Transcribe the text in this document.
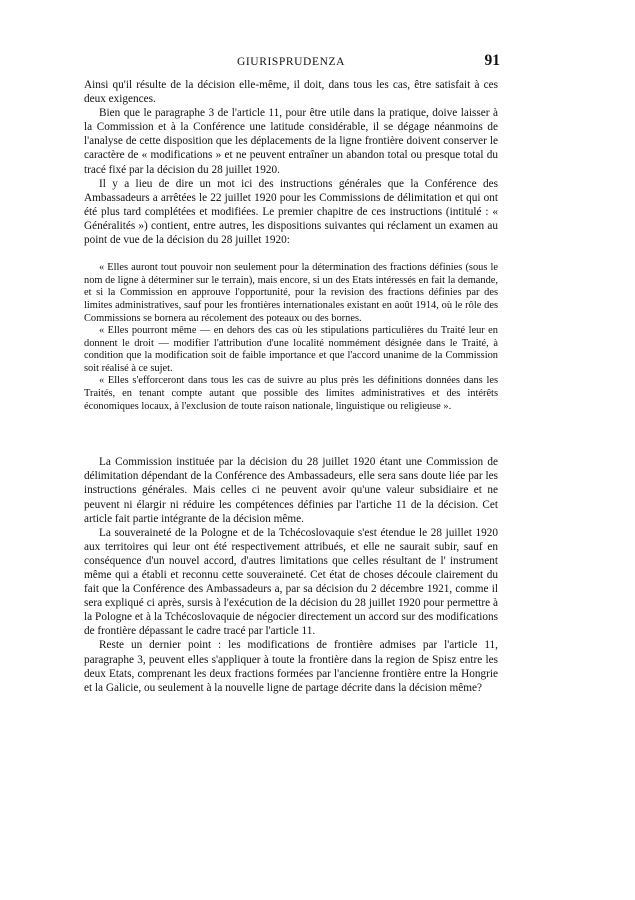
GIURISPRUDENZA	91

Ainsi qu'il résulte de la décision elle-même, il doit, dans tous les cas, être satisfait à ces deux exigences.

Bien que le paragraphe 3 de l'article 11, pour être utile dans la pratique, doive laisser à la Commission et à la Conférence une latitude considérable, il se dégage néanmoins de l'analyse de cette disposition que les déplacements de la ligne frontière doivent conserver le caractère de « modifications » et ne peuvent entraîner un abandon total ou presque total du tracé fixé par la décision du 28 juillet 1920.

Il y a lieu de dire un mot ici des instructions générales que la Conférence des Ambassadeurs a arrêtées le 22 juillet 1920 pour les Commissions de délimitation et qui ont été plus tard complétées et modifiées. Le premier chapitre de ces instructions (intitulé : « Généralités ») contient, entre autres, les dispositions suivantes qui réclament un examen au point de vue de la décision du 28 juillet 1920:

« Elles auront tout pouvoir non seulement pour la détermination des fractions définies (sous le nom de ligne à déterminer sur le terrain), mais encore, si un des Etats intéressés en fait la demande, et si la Commission en approuve l'opportunité, pour la revision des fractions définies par des limites administratives, sauf pour les frontières internationales existant en août 1914, où le rôle des Commissions se bornera au récolement des poteaux ou des bornes.

« Elles pourront même — en dehors des cas où les stipulations particulières du Traité leur en donnent le droit — modifier l'attribution d'une localité nommément désignée dans le Traité, à condition que la modification soit de faible importance et que l'accord unanime de la Commission soit réalisé à ce sujet.

« Elles s'efforceront dans tous les cas de suivre au plus près les définitions données dans les Traités, en tenant compte autant que possible des limites administratives et des intérêts économiques locaux, à l'exclusion de toute raison nationale, linguistique ou religieuse ».

La Commission instituée par la décision du 28 juillet 1920 étant une Commission de délimitation dépendant de la Conférence des Ambassadeurs, elle sera sans doute liée par les instructions générales. Mais celles ci ne peuvent avoir qu'une valeur subsidiaire et ne peuvent ni élargir ni réduire les compétences définies par l'artiche 11 de la décision. Cet article fait partie intégrante de la décision même.

La souveraineté de la Pologne et de la Tchécoslovaquie s'est étendue le 28 juillet 1920 aux territoires qui leur ont été respectivement attribués, et elle ne saurait subir, sauf en conséquence d'un nouvel accord, d'autres limitations que celles résultant de l' instrument même qui a établi et reconnu cette souveraineté. Cet état de choses découle clairement du fait que la Conférence des Ambassadeurs a, par sa décision du 2 décembre 1921, comme il sera expliqué ci après, sursis à l'exécution de la décision du 28 juillet 1920 pour permettre à la Pologne et à la Tchécoslovaquie de négocier directement un accord sur des modifications de frontière dépassant le cadre tracé par l'article 11.

Reste un dernier point : les modifications de frontière admises par l'article 11, paragraphe 3, peuvent elles s'appliquer à toute la frontière dans la region de Spisz entre les deux Etats, comprenant les deux fractions formées par l'ancienne frontière entre la Hongrie et la Galicie, ou seulement à la nouvelle ligne de partage décrite dans la décision même?
